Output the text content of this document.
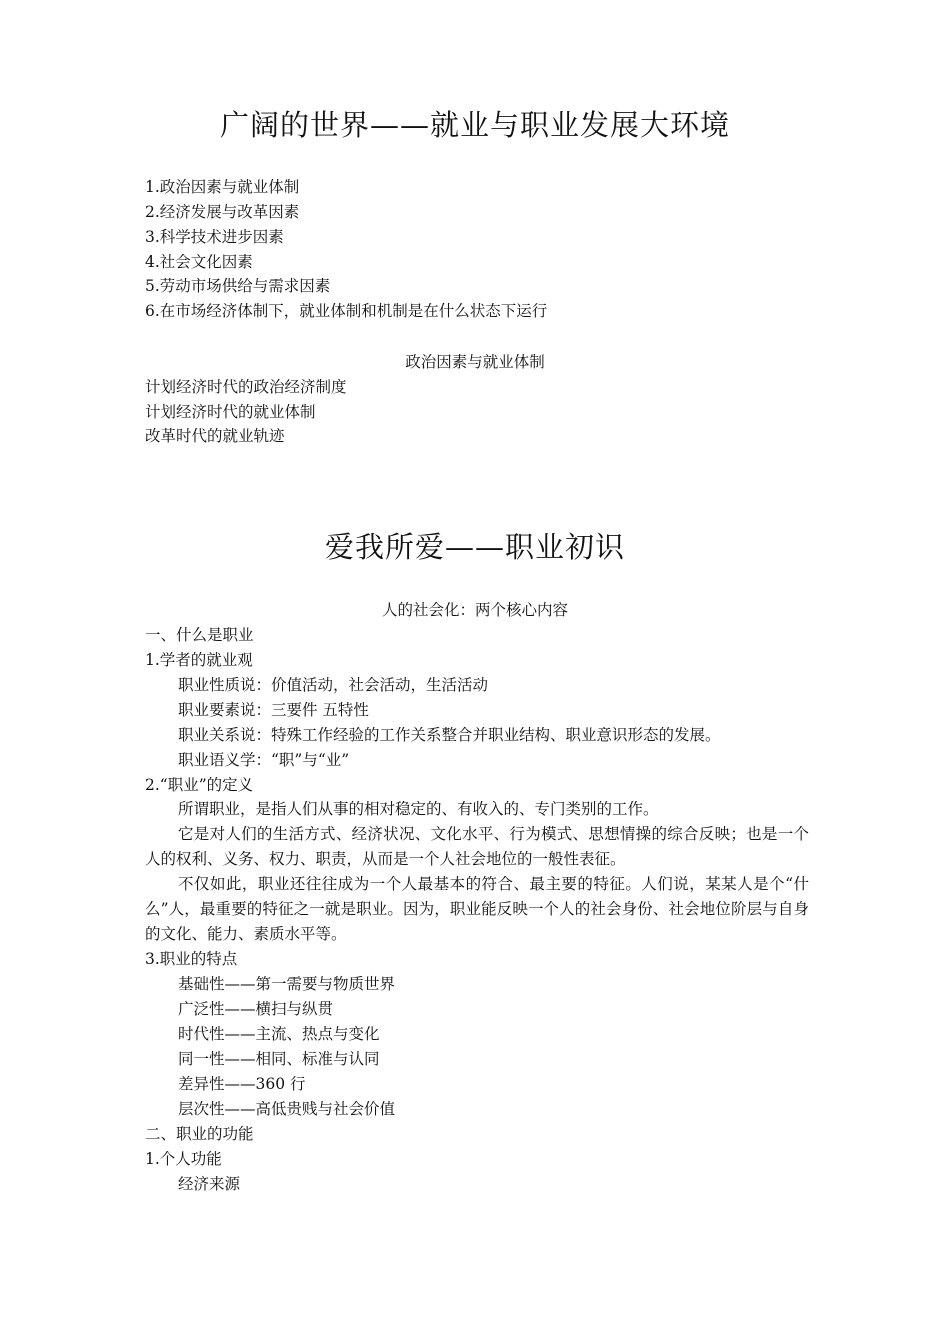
广阔的世界——就业与职业发展大环境
1.政治因素与就业体制
2.经济发展与改革因素
3.科学技术进步因素
4.社会文化因素
5.劳动市场供给与需求因素
6.在市场经济体制下，就业体制和机制是在什么状态下运行
政治因素与就业体制
计划经济时代的政治经济制度
计划经济时代的就业体制
改革时代的就业轨迹
爱我所爱——职业初识
人的社会化：两个核心内容
一、什么是职业
1.学者的就业观
职业性质说：价值活动，社会活动，生活活动
职业要素说：三要件 五特性
职业关系说：特殊工作经验的工作关系整合并职业结构、职业意识形态的发展。
职业语义学：“职”与“业”
2.“职业”的定义
所谓职业，是指人们从事的相对稳定的、有收入的、专门类别的工作。
它是对人们的生活方式、经济状况、文化水平、行为模式、思想情操的综合反映；也是一个人的权利、义务、权力、职责，从而是一个人社会地位的一般性表征。
不仅如此，职业还往往成为一个人最基本的符合、最主要的特征。人们说，某某人是个“什么”人，最重要的特征之一就是职业。因为，职业能反映一个人的社会身份、社会地位阶层与自身的文化、能力、素质水平等。
3.职业的特点
基础性——第一需要与物质世界
广泛性——横扫与纵贯
时代性——主流、热点与变化
同一性——相同、标准与认同
差异性——360 行
层次性——高低贵贱与社会价值
二、职业的功能
1.个人功能
经济来源
